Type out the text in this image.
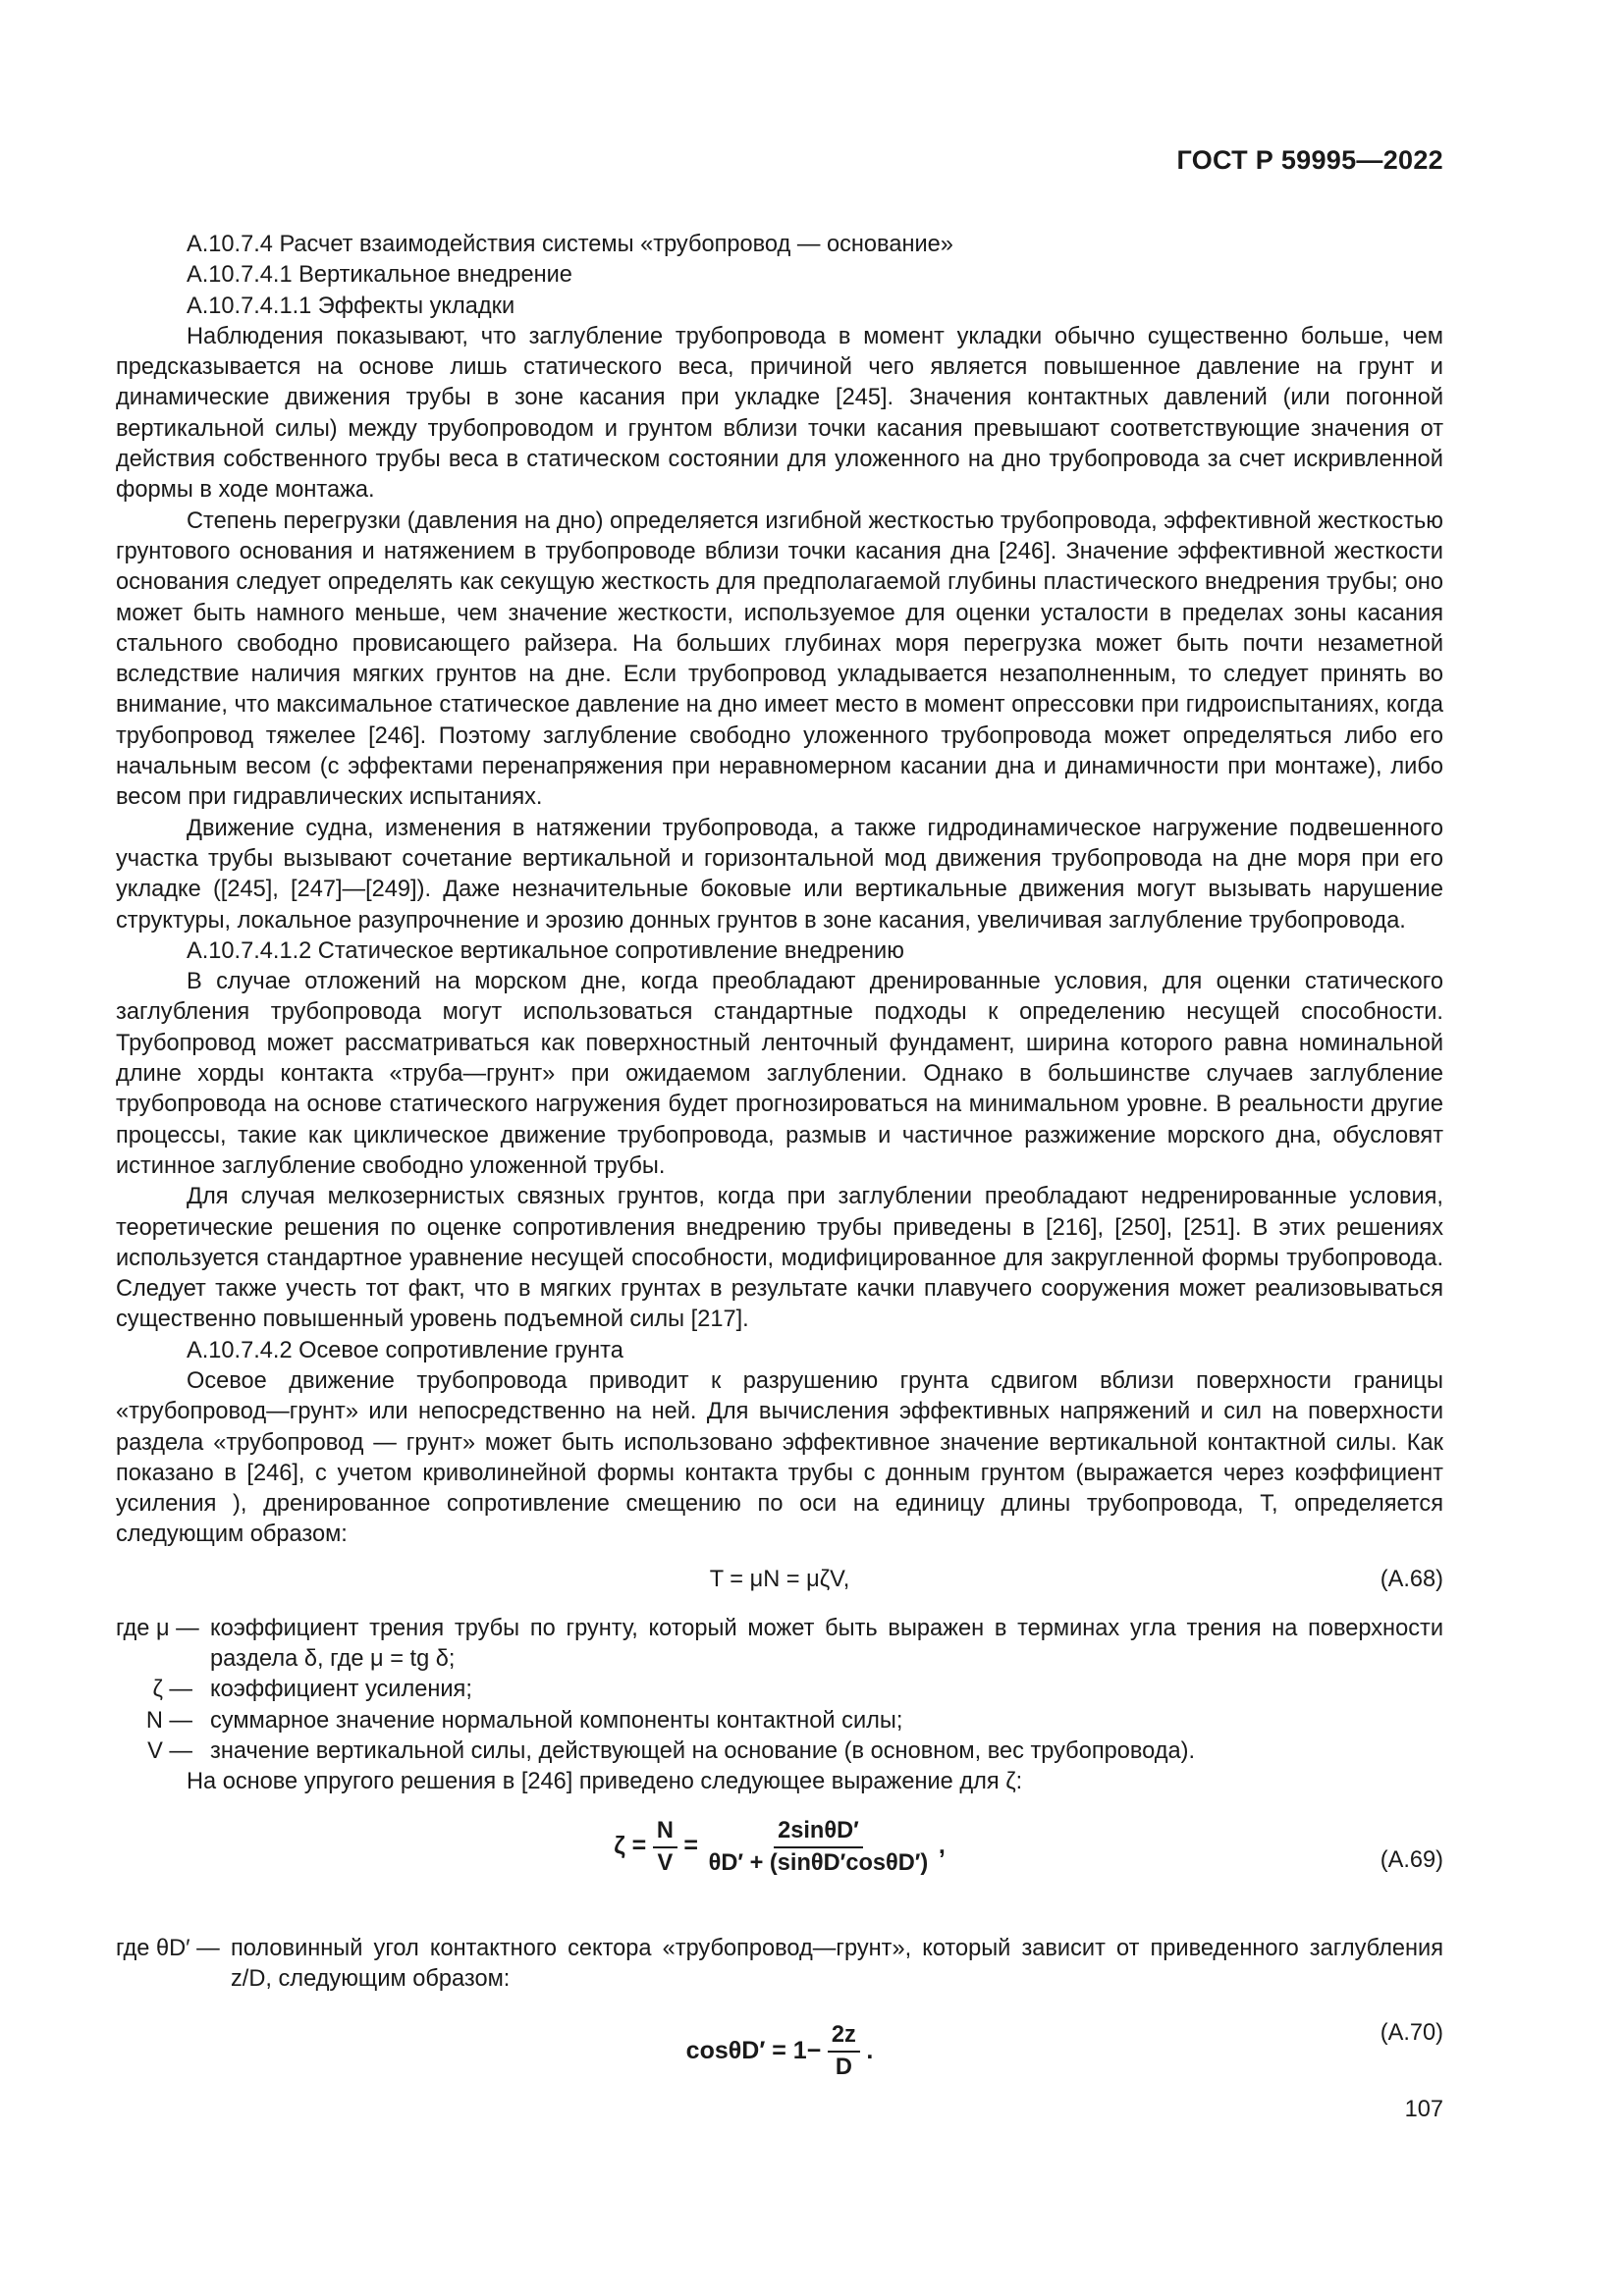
ГОСТ Р 59995—2022

А.10.7.4 Расчет взаимодействия системы «трубопровод — основание»

А.10.7.4.1 Вертикальное внедрение

А.10.7.4.1.1 Эффекты укладки

Наблюдения показывают, что заглубление трубопровода в момент укладки обычно существенно больше, чем предсказывается на основе лишь статического веса, причиной чего является повышенное давление на грунт и динамические движения трубы в зоне касания при укладке [245]. Значения контактных давлений (или погонной вертикальной силы) между трубопроводом и грунтом вблизи точки касания превышают соответствующие значения от действия собственного трубы веса в статическом состоянии для уложенного на дно трубопровода за счет искривленной формы в ходе монтажа.

Степень перегрузки (давления на дно) определяется изгибной жесткостью трубопровода, эффективной жесткостью грунтового основания и натяжением в трубопроводе вблизи точки касания дна [246]. Значение эффективной жесткости основания следует определять как секущую жесткость для предполагаемой глубины пластического внедрения трубы; оно может быть намного меньше, чем значение жесткости, используемое для оценки усталости в пределах зоны касания стального свободно провисающего райзера. На больших глубинах моря перегрузка может быть почти незаметной вследствие наличия мягких грунтов на дне. Если трубопровод укладывается незаполненным, то следует принять во внимание, что максимальное статическое давление на дно имеет место в момент опрессовки при гидроиспытаниях, когда трубопровод тяжелее [246]. Поэтому заглубление свободно уложенного трубопровода может определяться либо его начальным весом (с эффектами перенапряжения при неравномерном касании дна и динамичности при монтаже), либо весом при гидравлических испытаниях.

Движение судна, изменения в натяжении трубопровода, а также гидродинамическое нагружение подвешенного участка трубы вызывают сочетание вертикальной и горизонтальной мод движения трубопровода на дне моря при его укладке ([245], [247]—[249]). Даже незначительные боковые или вертикальные движения могут вызывать нарушение структуры, локальное разупрочнение и эрозию донных грунтов в зоне касания, увеличивая заглубление трубопровода.

А.10.7.4.1.2 Статическое вертикальное сопротивление внедрению

В случае отложений на морском дне, когда преобладают дренированные условия, для оценки статического заглубления трубопровода могут использоваться стандартные подходы к определению несущей способности. Трубопровод может рассматриваться как поверхностный ленточный фундамент, ширина которого равна номинальной длине хорды контакта «труба—грунт» при ожидаемом заглублении. Однако в большинстве случаев заглубление трубопровода на основе статического нагружения будет прогнозироваться на минимальном уровне. В реальности другие процессы, такие как циклическое движение трубопровода, размыв и частичное разжижение морского дна, обусловят истинное заглубление свободно уложенной трубы.

Для случая мелкозернистых связных грунтов, когда при заглублении преобладают недренированные условия, теоретические решения по оценке сопротивления внедрению трубы приведены в [216], [250], [251]. В этих решениях используется стандартное уравнение несущей способности, модифицированное для закругленной формы трубопровода. Следует также учесть тот факт, что в мягких грунтах в результате качки плавучего сооружения может реализовываться существенно повышенный уровень подъемной силы [217].

А.10.7.4.2 Осевое сопротивление грунта

Осевое движение трубопровода приводит к разрушению грунта сдвигом вблизи поверхности границы «трубопровод—грунт» или непосредственно на ней. Для вычисления эффективных напряжений и сил на поверхности раздела «трубопровод — грунт» может быть использовано эффективное значение вертикальной контактной силы. Как показано в [246], с учетом криволинейной формы контакта трубы с донным грунтом (выражается через коэффициент усиления ), дренированное сопротивление смещению по оси на единицу длины трубопровода, T, определяется следующим образом:

T = μN = μζV,	(А.68)

где μ — коэффициент трения трубы по грунту, который может быть выражен в терминах угла трения на поверхности раздела δ, где μ = tg δ;

ζ — коэффициент усиления;

N — суммарное значение нормальной компоненты контактной силы;

V — значение вертикальной силы, действующей на основание (в основном, вес трубопровода).

На основе упругого решения в [246] приведено следующее выражение для ζ:

$\zeta = \frac{N}{V} = \frac{2\sin\theta D'}{\theta D' + (\sin\theta D'\cos\theta D')}$ ,
(А.69)

где θD′ — половинный угол контактного сектора «трубопровод—грунт», который зависит от приведенного заглубления z/D, следующим образом:

$\cos\theta D' = 1- \frac{2z}{D}$ .
(А.70)
107
